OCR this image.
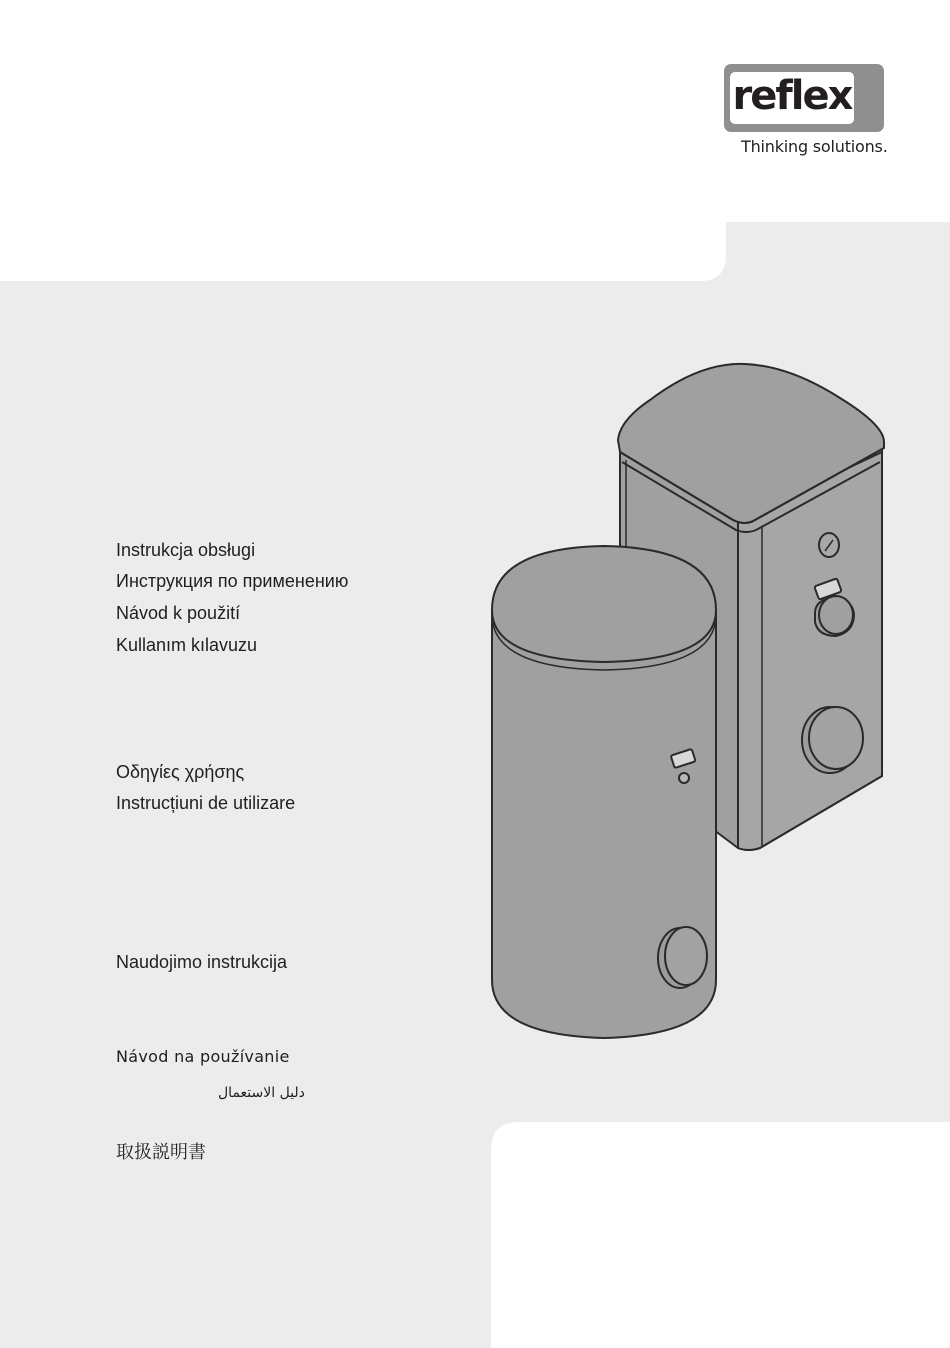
reflex
Thinking solutions.
Instrukcja obsługi
Инструкция по применению
Návod k použití
Kullanım kılavuzu
Οδηγίες χρήσης
Instrucțiuni de utilizare
Naudojimo instrukcija
Návod na používanie
دليل الاستعمال
取扱説明書
